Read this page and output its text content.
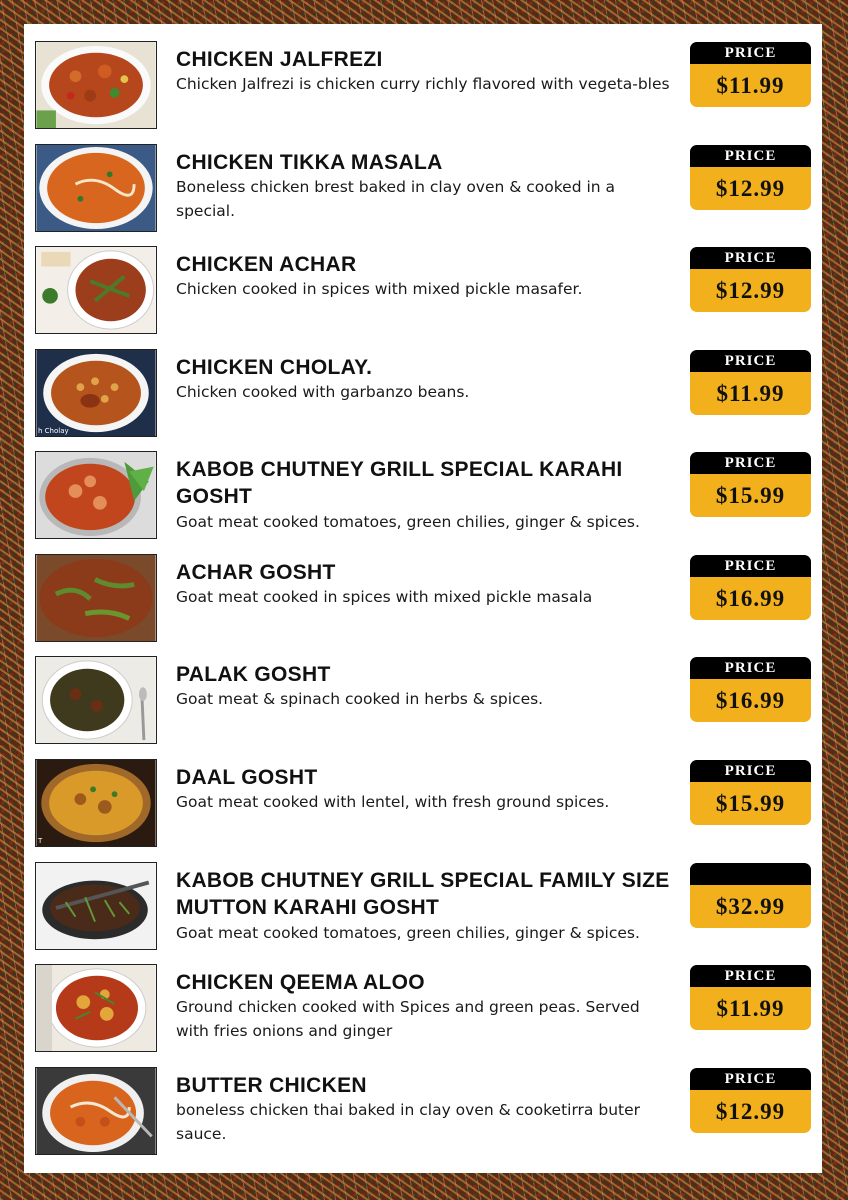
CHICKEN JALFREZI
Chicken Jalfrezi is chicken curry richly flavored with vegeta-bles
PRICE
$11.99
CHICKEN TIKKA MASALA
Boneless chicken brest baked in clay oven & cooked in a special.
PRICE
$12.99
CHICKEN ACHAR
Chicken cooked in spices with mixed pickle masafer.
PRICE
$12.99
h Cholay
CHICKEN CHOLAY.
Chicken cooked with garbanzo beans.
PRICE
$11.99
KABOB CHUTNEY GRILL SPECIAL KARAHI GOSHT
Goat meat cooked tomatoes, green chilies, ginger & spices.
PRICE
$15.99
ACHAR GOSHT
Goat meat cooked in spices with mixed pickle masala
PRICE
$16.99
PALAK GOSHT
Goat meat & spinach cooked in herbs & spices.
PRICE
$16.99
T
DAAL GOSHT
Goat meat cooked with lentel, with fresh ground spices.
PRICE
$15.99
KABOB CHUTNEY GRILL SPECIAL FAMILY SIZE MUTTON KARAHI GOSHT
Goat meat cooked tomatoes, green chilies, ginger & spices.
$32.99
CHICKEN QEEMA ALOO
Ground chicken cooked with Spices and green peas. Served with fries onions and ginger
PRICE
$11.99
BUTTER CHICKEN
boneless chicken thai baked in clay oven & cooketirra buter sauce.
PRICE
$12.99
